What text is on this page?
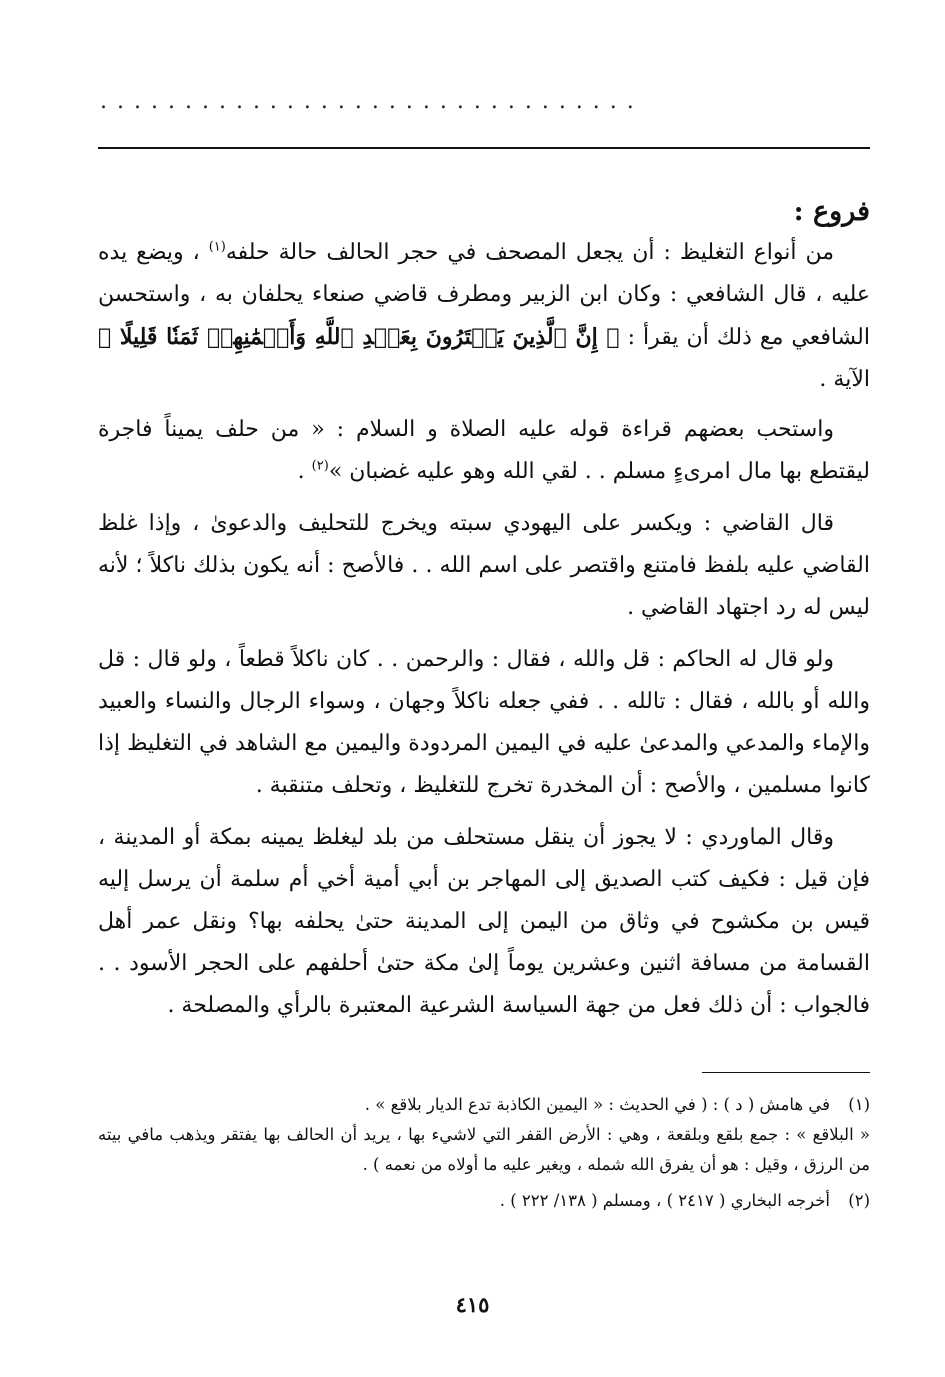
................................
فروع :

من أنواع التغليظ : أن يجعل المصحف في حجر الحالف حالة حلفه$^{(١)}$ ، ويضع يده عليه ، قال الشافعي : وكان ابن الزبير ومطرف قاضي صنعاء يحلفان به ، واستحسن الشافعي مع ذلك أن يقرأ : ﴿ إِنَّ ٱلَّذِينَ يَشۡتَرُونَ بِعَهۡدِ ٱللَّهِ وَأَيۡمَٰنِهِمۡ ثَمَنٗا قَلِيلًا ﴾ الآية .

واستحب بعضهم قراءة قوله عليه الصلاة و السلام : « من حلف يميناً فاجرة ليقتطع بها مال امرىءٍ مسلم . . لقي الله وهو عليه غضبان »$^{(٢)}$ .

قال القاضي : ويكسر على اليهودي سبته ويخرج للتحليف والدعوىٰ ، وإذا غلظ القاضي عليه بلفظ فامتنع واقتصر على اسم الله . . فالأصح : أنه يكون بذلك ناكلاً ؛ لأنه ليس له رد اجتهاد القاضي .

ولو قال له الحاكم : قل والله ، فقال : والرحمن . . كان ناكلاً قطعاً ، ولو قال : قل والله أو بالله ، فقال : تالله . . ففي جعله ناكلاً وجهان ، وسواء الرجال والنساء والعبيد والإماء والمدعي والمدعىٰ عليه في اليمين المردودة واليمين مع الشاهد في التغليظ إذا كانوا مسلمين ، والأصح : أن المخدرة تخرج للتغليظ ، وتحلف متنقبة .

وقال الماوردي : لا يجوز أن ينقل مستحلف من بلد ليغلظ يمينه بمكة أو المدينة ، فإن قيل : فكيف كتب الصديق إلى المهاجر بن أبي أمية أخي أم سلمة أن يرسل إليه قيس بن مكشوح في وثاق من اليمن إلى المدينة حتىٰ يحلفه بها؟ ونقل عمر أهل القسامة من مسافة اثنين وعشرين يوماً إلىٰ مكة حتىٰ أحلفهم على الحجر الأسود . . فالجواب : أن ذلك فعل من جهة السياسة الشرعية المعتبرة بالرأي والمصلحة .

(١)في هامش ( د ) : ( في الحديث : « اليمين الكاذبة تدع الديار بلاقع » .
« البلاقع » : جمع بلقع وبلقعة ، وهي : الأرض القفر التي لاشيء بها ، يريد أن الحالف بها يفتقر ويذهب مافي بيته من الرزق ، وقيل : هو أن يفرق الله شمله ، ويغير عليه ما أولاه من نعمه ) .
(٢)أخرجه البخاري ( ٢٤١٧ ) ، ومسلم ( ١٣٨/ ٢٢٢ ) .
٤١٥
